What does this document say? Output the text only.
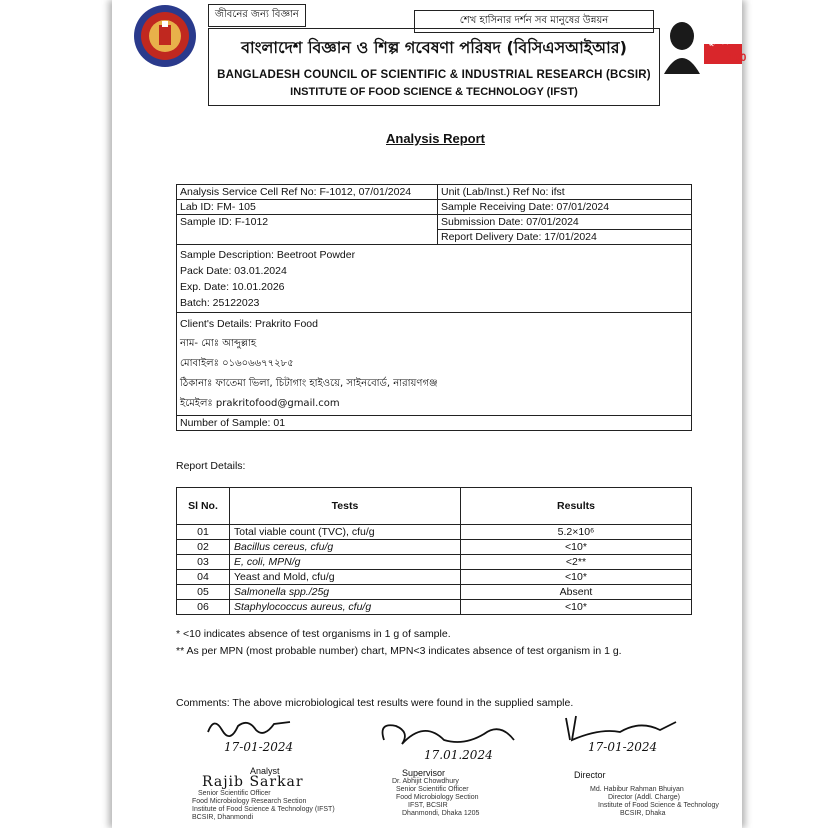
জীবনের জন্য বিজ্ঞান
শেখ হাসিনার দর্শন সব মানুষের উন্নয়ন
বাংলাদেশ বিজ্ঞান ও শিল্প গবেষণা পরিষদ (বিসিএসআইআর)
BANGLADESH COUNCIL OF SCIENTIFIC & INDUSTRIAL RESEARCH (BCSIR)
INSTITUTE OF FOOD SCIENCE & TECHNOLOGY (IFST)
মুজিব
100
Analysis Report
Analysis Service Cell Ref No: F-1012, 07/01/2024	Unit (Lab/Inst.) Ref No: ifst
Lab ID: FM- 105	Sample Receiving Date: 07/01/2024
Sample ID: F-1012	Submission Date: 07/01/2024
	Report Delivery Date: 17/01/2024

Sample Description: Beetroot Powder
Pack Date: 03.01.2024
Exp. Date: 10.01.2026
Batch: 25122023	

Client's Details: Prakrito Food
নাম- মোঃ আব্দুল্লাহ
মোবাইলঃ ০১৬০৬৬৭৭২৮৫
ঠিকানাঃ ফাতেমা ভিলা, চিটাগাং হাইওয়ে, সাইনবোর্ড, নারায়ণগঞ্জ
ইমেইলঃ prakritofood@gmail.com	

Number of Sample: 01	
Report Details:
Sl No.	Tests	Results
01	Total viable count (TVC), cfu/g	5.2×10⁶
02	Bacillus cereus, cfu/g	<10*
03	E, coli, MPN/g	<2**
04	Yeast and Mold, cfu/g	<10*
05	Salmonella spp./25g	Absent
06	Staphylococcus aureus, cfu/g	<10*
* <10 indicates absence of test organisms in 1 g of sample.
** As per MPN (most probable number) chart, MPN<3 indicates absence of test organism in 1 g.
Comments: The above microbiological test results were found in the supplied sample.
17-01-2024
17.01.2024
17-01-2024
Analyst
Rajib Sarkar
Senior Scientific Officer
Food Microbiology Research Section
Institute of Food Science & Technology (IFST)
BCSIR, Dhanmondi
Supervisor
Dr. Abhijit Chowdhury
Senior Scientific Officer
Food Microbiology Section
IFST, BCSIR
Dhanmondi, Dhaka 1205
Director
Md. Habibur Rahman Bhuiyan
Director (Addl. Charge)
Institute of Food Science & Technology
BCSIR, Dhaka
